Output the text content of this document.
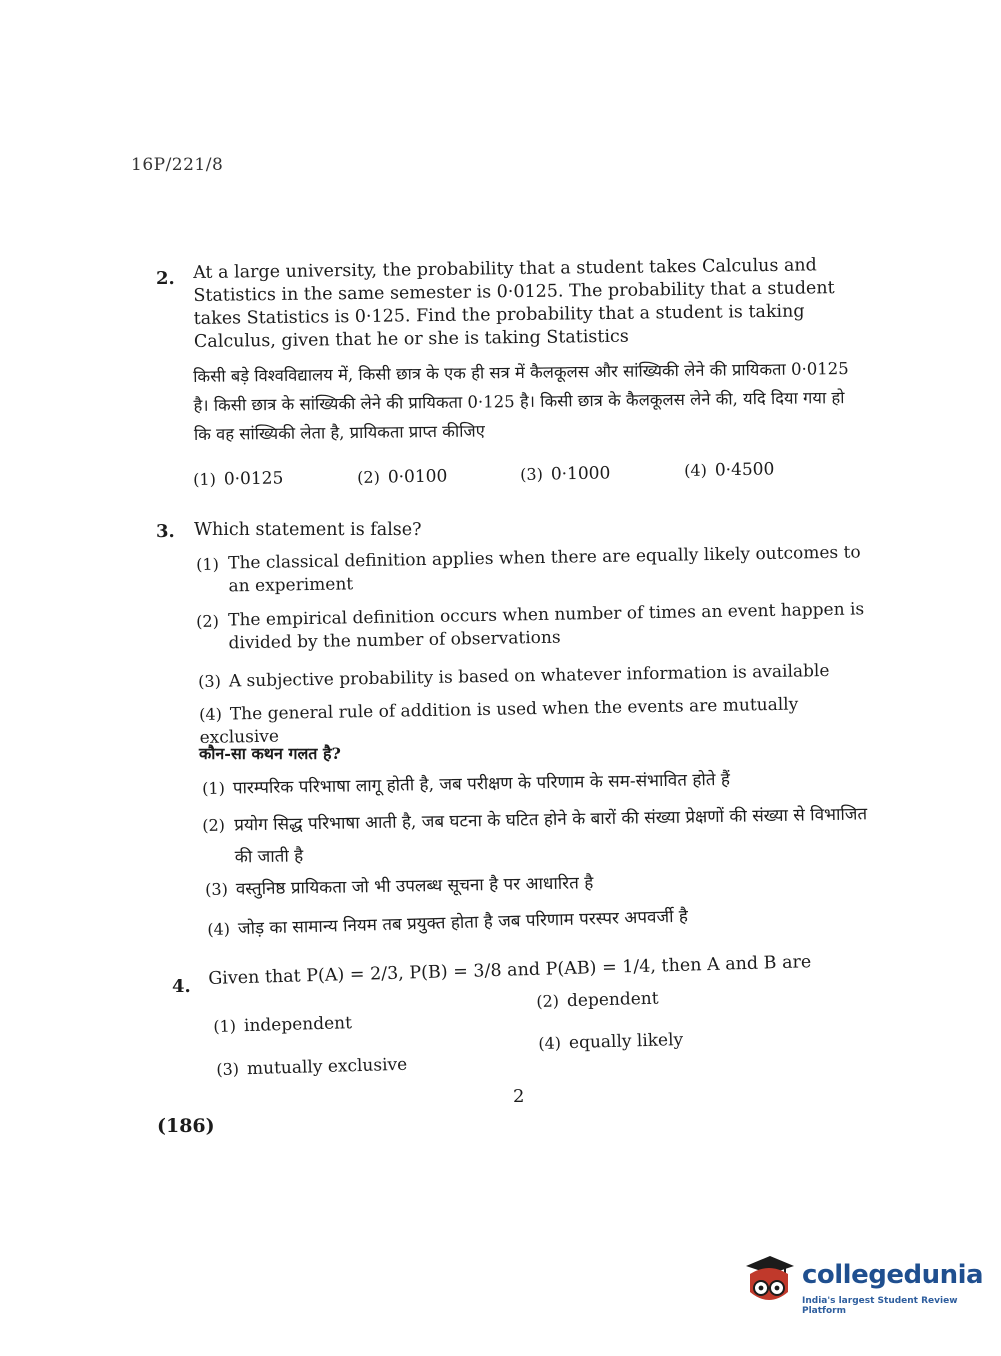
16P/221/8
2. At a large university, the probability that a student takes Calculus and Statistics in the same semester is 0·0125. The probability that a student takes Statistics is 0·125. Find the probability that a student is taking Calculus, given that he or she is taking Statistics
किसी बड़े विश्वविद्यालय में, किसी छात्र के एक ही सत्र में कैलकूलस और सांख्यिकी लेने की प्रायिकता 0·0125 है। किसी छात्र के सांख्यिकी लेने की प्रायिकता 0·125 है। किसी छात्र के कैलकूलस लेने की, यदि दिया गया हो कि वह सांख्यिकी लेता है, प्रायिकता प्राप्त कीजिए
(1) 0·0125	(2) 0·0100	(3) 0·1000	(4) 0·4500
3. Which statement is false?
(1) The classical definition applies when there are equally likely outcomes to an experiment
(2) The empirical definition occurs when number of times an event happen is divided by the number of observations
(3) A subjective probability is based on whatever information is available
(4) The general rule of addition is used when the events are mutually exclusive
कौन-सा कथन गलत है?
(1) पारम्परिक परिभाषा लागू होती है, जब परीक्षण के परिणाम के सम-संभावित होते हैं
(2) प्रयोग सिद्ध परिभाषा आती है, जब घटना के घटित होने के बारों की संख्या प्रेक्षणों की संख्या से विभाजित की जाती है
(3) वस्तुनिष्ठ प्रायिकता जो भी उपलब्ध सूचना है पर आधारित है
(4) जोड़ का सामान्य नियम तब प्रयुक्त होता है जब परिणाम परस्पर अपवर्जी है
4. Given that P(A) = 2/3, P(B) = 3/8 and P(AB) = 1/4, then A and B are
(1) independent
(2) dependent
(3) mutually exclusive
(4) equally likely
2
(186)
collegedunia
India's largest Student Review Platform
